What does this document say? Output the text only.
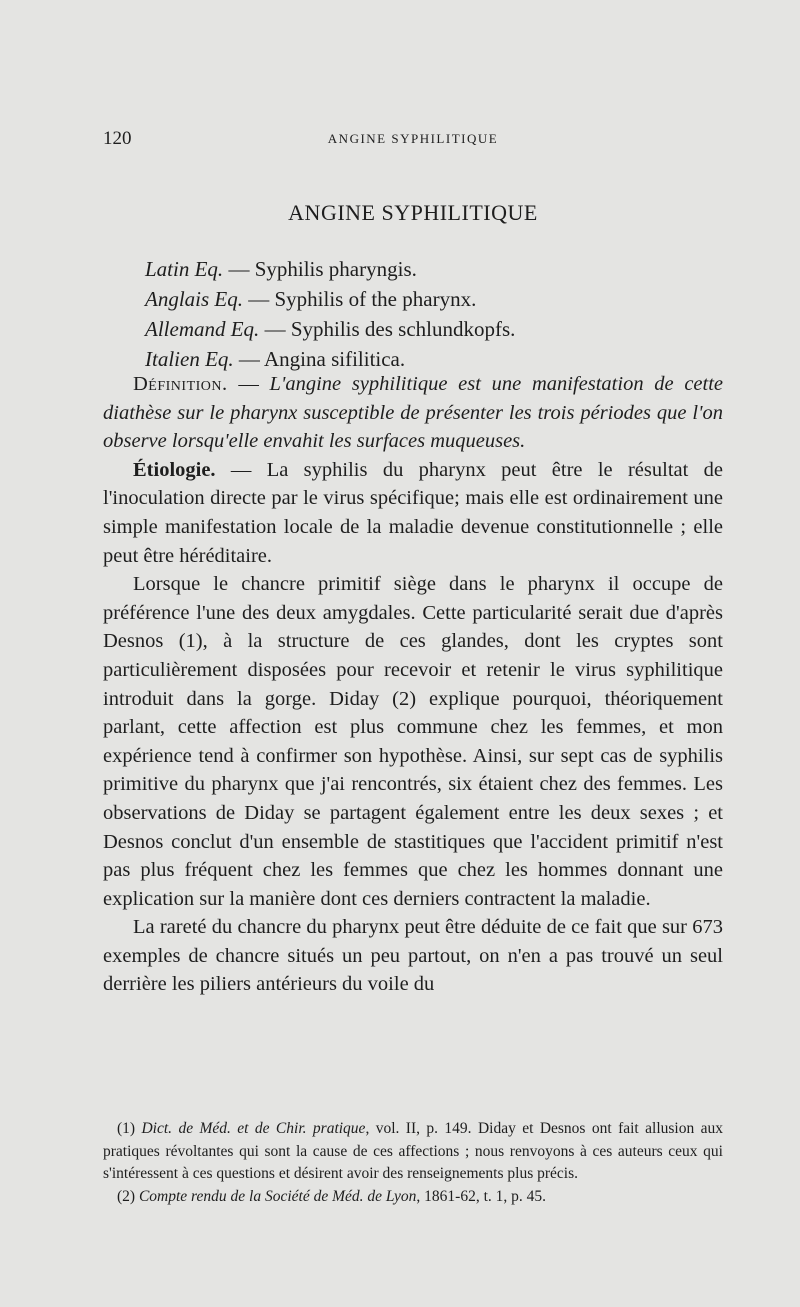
120	ANGINE SYPHILITIQUE
ANGINE SYPHILITIQUE
Latin Eq. — Syphilis pharyngis.
Anglais Eq. — Syphilis of the pharynx.
Allemand Eq. — Syphilis des schlundkopfs.
Italien Eq. — Angina sifilitica.

Définition. — L'angine syphilitique est une manifestation de cette diathèse sur le pharynx susceptible de présenter les trois périodes que l'on observe lorsqu'elle envahit les surfaces muqueuses.

Étiologie. — La syphilis du pharynx peut être le résultat de l'inoculation directe par le virus spécifique; mais elle est ordinairement une simple manifestation locale de la maladie devenue constitutionnelle ; elle peut être héréditaire.

Lorsque le chancre primitif siège dans le pharynx il occupe de préférence l'une des deux amygdales. Cette particularité serait due d'après Desnos (1), à la structure de ces glandes, dont les cryptes sont particulièrement disposées pour recevoir et retenir le virus syphilitique introduit dans la gorge. Diday (2) explique pourquoi, théoriquement parlant, cette affection est plus commune chez les femmes, et mon expérience tend à confirmer son hypothèse. Ainsi, sur sept cas de syphilis primitive du pharynx que j'ai rencontrés, six étaient chez des femmes. Les observations de Diday se partagent également entre les deux sexes ; et Desnos conclut d'un ensemble de stastitiques que l'accident primitif n'est pas plus fréquent chez les femmes que chez les hommes donnant une explication sur la manière dont ces derniers contractent la maladie.

La rareté du chancre du pharynx peut être déduite de ce fait que sur 673 exemples de chancre situés un peu partout, on n'en a pas trouvé un seul derrière les piliers antérieurs du voile du

(1) Dict. de Méd. et de Chir. pratique, vol. II, p. 149. Diday et Desnos ont fait allusion aux pratiques révoltantes qui sont la cause de ces affections ; nous renvoyons à ces auteurs ceux qui s'intéressent à ces questions et désirent avoir des renseignements plus précis.

(2) Compte rendu de la Société de Méd. de Lyon, 1861-62, t. 1, p. 45.
